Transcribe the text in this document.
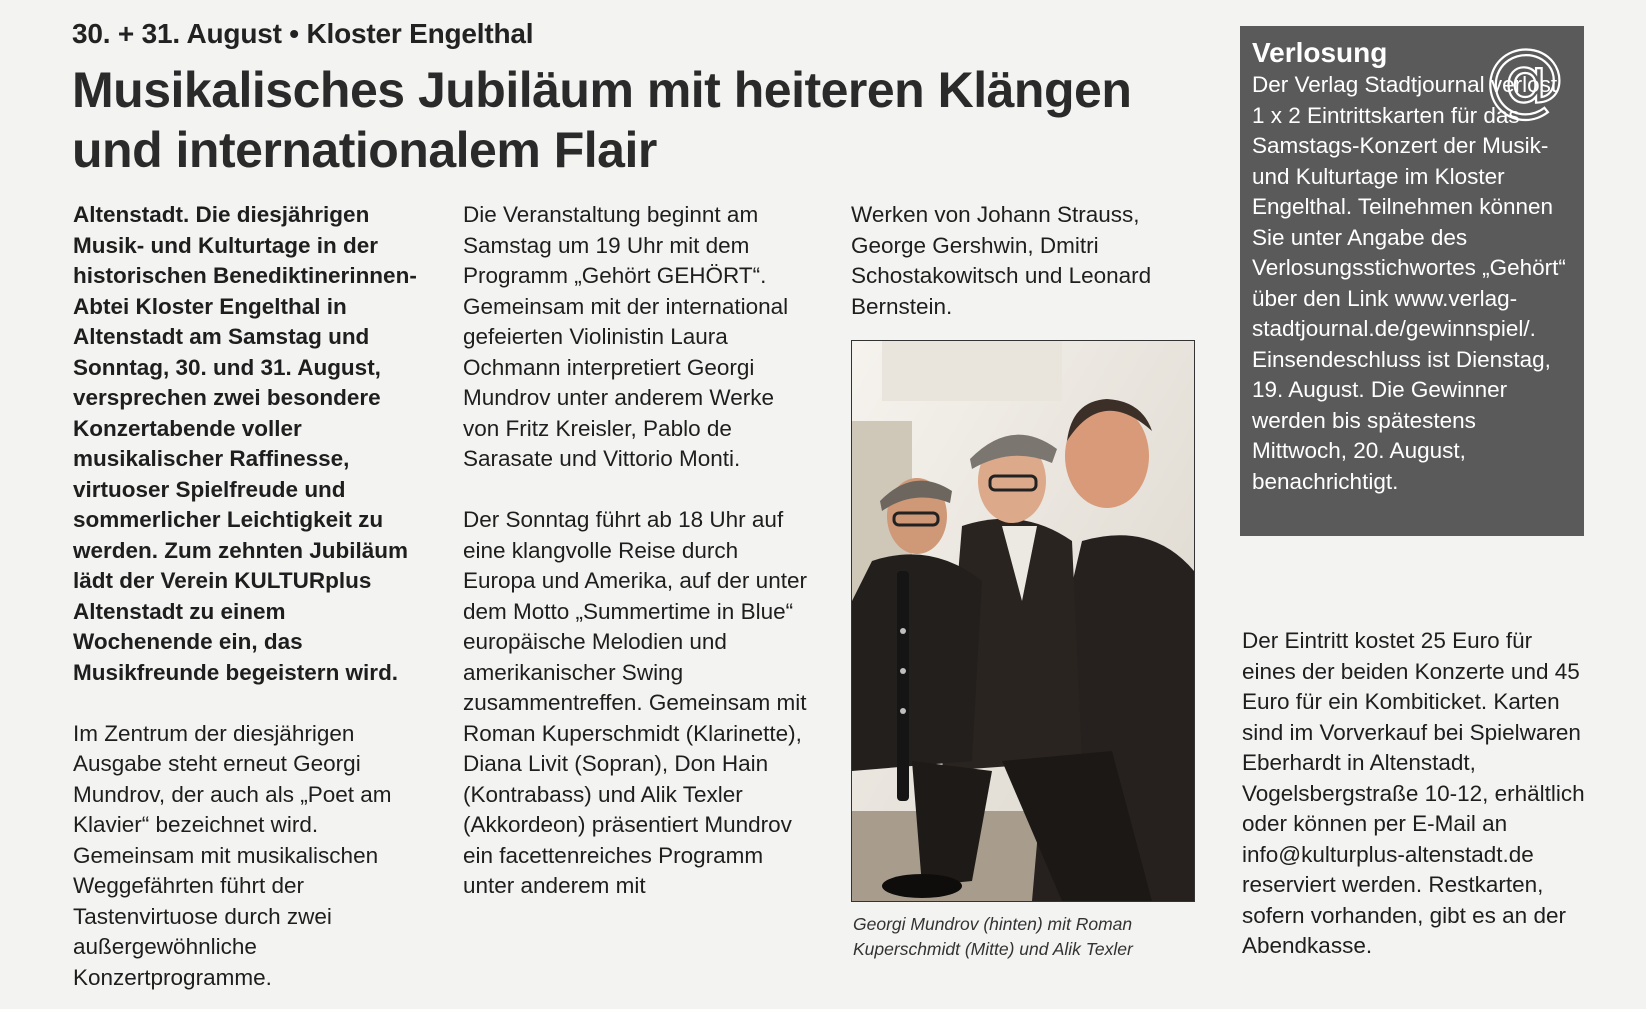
30. + 31. August • Kloster Engelthal
Musikalisches Jubiläum mit heiteren Klängen und internationalem Flair

Altenstadt. Die diesjährigen Musik- und Kulturtage in der historischen Benediktinerinnen-Abtei Kloster Engelthal in Altenstadt am Samstag und Sonntag, 30. und 31. August, versprechen zwei besondere Konzertabende voller musikalischer Raffinesse, virtuoser Spielfreude und sommerlicher Leichtigkeit zu werden. Zum zehnten Jubiläum lädt der Verein KULTURplus Altenstadt zu einem Wochenende ein, das Musikfreunde begeistern wird.

Im Zentrum der diesjährigen Ausgabe steht erneut Georgi Mundrov, der auch als „Poet am Klavier“ bezeichnet wird. Gemeinsam mit musikalischen Weggefährten führt der Tastenvirtuose durch zwei außergewöhnliche Konzertprogramme.

Die Veranstaltung beginnt am Samstag um 19 Uhr mit dem Programm „Gehört GEHÖRT“. Gemeinsam mit der international gefeierten Violinistin Laura Ochmann interpretiert Georgi Mundrov unter anderem Werke von Fritz Kreisler, Pablo de Sarasate und Vittorio Monti.

Der Sonntag führt ab 18 Uhr auf eine klangvolle Reise durch Europa und Amerika, auf der unter dem Motto „Summertime in Blue“ europäische Melodien und amerikanischer Swing zusammentreffen. Gemeinsam mit Roman Kuperschmidt (Klarinette), Diana Livit (Sopran), Don Hain (Kontrabass) und Alik Texler (Akkordeon) präsentiert Mundrov ein facettenreiches Programm unter anderem mit

Werken von Johann Strauss, George Gershwin, Dmitri Schostakowitsch und Leonard Bernstein.

Georgi Mundrov (hinten) mit Roman Kuperschmidt (Mitte) und Alik Texler
@
Verlosung
Der Verlag Stadtjournal verlost 1 x 2 Eintrittskarten für das Samstags-Konzert der Musik- und Kulturtage im Kloster Engelthal. Teilnehmen können Sie unter Angabe des Verlosungsstichwortes „Gehört“ über den Link www.verlag-stadtjournal.de/gewinnspiel/. Einsendeschluss ist Dienstag, 19. August. Die Gewinner werden bis spätestens Mittwoch, 20. August, benachrichtigt.

Der Eintritt kostet 25 Euro für eines der beiden Konzerte und 45 Euro für ein Kombiticket. Karten sind im Vorverkauf bei Spielwaren Eberhardt in Altenstadt, Vogelsbergstraße 10-12, erhältlich oder können per E-Mail an info@kulturplus-altenstadt.de reserviert werden. Restkarten, sofern vorhanden, gibt es an der Abendkasse.
